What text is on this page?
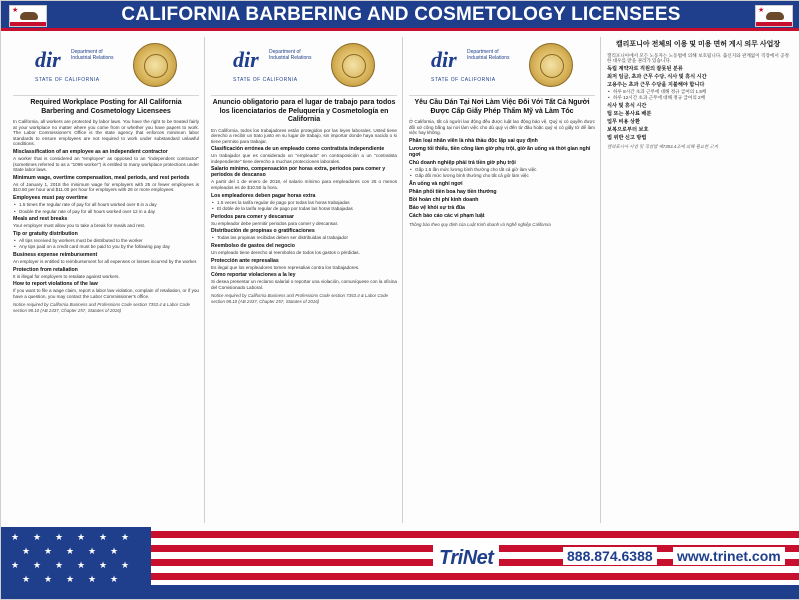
★	CALIFORNIA BARBERING AND COSMETOLOGY LICENSEES	★
dir	Department of Industrial Relations
STATE OF CALIFORNIA
Required Workplace Posting for All California Barbering and Cosmetology Licensees
In California, all workers are protected by labor laws. You have the right to be treated fairly at your workplace no matter where you come from or whether you have papers to work. The Labor Commissioner's Office is the state agency that enforces minimum labor standards to ensure employees are not required to work under substandard unlawful conditions.
Misclassification of an employee as an independent contractor
A worker that is considered an "employee" as opposed to an "independent contractor" (sometimes referred to as a "1099 worker") is entitled to many workplace protections under State labor laws.
Minimum wage, overtime compensation, meal periods, and rest periods
As of January 1, 2018 the minimum wage for employers with 25 or fewer employees is $10.50 per hour and $11.00 per hour for employers with 26 or more employees.
Employees must pay overtime
• 1.5 times the regular rate of pay for all hours worked over 8 in a day
• Double the regular rate of pay for all hours worked over 12 in a day
Meals and rest breaks
Your employer must allow you to take a break for meals and rest.
Tip or gratuity distribution
• All tips received by workers must be distributed to the worker
• Any tips paid on a credit card must be paid to you by the following pay day
Business expense reimbursement
An employer is entitled to reimbursement for all expenses or losses incurred by the worker.
Protection from retaliation
It is illegal for employers to retaliate against workers.
How to report violations of the law
If you want to file a wage claim, report a labor law violation, complain of retaliation, or if you have a question, you may contact the Labor Commissioner's office.
Notice required by California Business and Professions Code section 7353.4 & Labor Code section 98.10 (AB 2437, Chapter 257, Statutes of 2016)
dir	Department of Industrial Relations
STATE OF CALIFORNIA
Anuncio obligatorio para el lugar de trabajo para todos los licenciatarios de Peluquería y Cosmetología en California
En California, todos los trabajadores están protegidos por las leyes laborales. Usted tiene derecho a recibir un trato justo en su lugar de trabajo, sin importar donde haya nacido o si tiene permiso para trabajar.
Clasificación errónea de un empleado como contratista independiente
Un trabajador que es considerado un "empleado" en contraposición a un "contratista independiente" tiene derecho a muchas protecciones laborales.
Salario mínimo, compensación por horas extra, periodos para comer y periodos de descanso
A partir del 1 de enero de 2018, el salario mínimo para empleadores con 25 o menos empleados es de $10.50 la hora.
Los empleadores deben pagar horas extra
• 1.5 veces la tarifa regular de pago por todas las horas trabajadas
• El doble de la tarifa regular de pago por todas las horas trabajadas
Periodos para comer y descansar
Su empleador debe permitir periodos para comer y descansar.
Distribución de propinas o gratificaciones
• Todas las propinas recibidas deben ser distribuidas al trabajador
Reembolso de gastos del negocio
Un empleado tiene derecho al reembolso de todos los gastos o pérdidas.
Protección ante represalias
Es ilegal que los empleadores tomen represalias contra los trabajadores.
Cómo reportar violaciones a la ley
Si desea presentar un reclamo salarial o reportar una violación, comuníquese con la oficina del Comisionado Laboral.
Notice required by California Business and Professions Code section 7353.4 & Labor Code section 98.10 (AB 2437, Chapter 257, Statutes of 2016)
dir	Department of Industrial Relations
STATE OF CALIFORNIA
Yêu Cầu Dán Tại Nơi Làm Việc Đối Với Tất Cả Người Được Cấp Giấy Phép Thẩm Mỹ và Làm Tóc
Ở California, tất cả người lao động đều được luật lao động bảo vệ. Quý vị có quyền được đối xử công bằng tại nơi làm việc cho dù quý vị đến từ đâu hoặc quý vị có giấy tờ để làm việc hay không.
Phân loại nhân viên là nhà thầu độc lập sai quy định
Lương tối thiểu, tiền công làm giờ phụ trội, giờ ăn uống và thời gian nghỉ ngơi
Chủ doanh nghiệp phải trả tiền giờ phụ trội
• Gấp 1.5 lần mức lương bình thường cho tất cả giờ làm việc
• Gấp đôi mức lương bình thường cho tất cả giờ làm việc
Ăn uống và nghỉ ngơi
Phân phối tiền boa hay tiền thưởng
Bồi hoàn chi phí kinh doanh
Bảo vệ khỏi sự trả đũa
Cách báo cáo các vi phạm luật
Thông báo theo quy định của Luật Kinh doanh và Nghề nghiệp California
캘리포니아 전체의 이용 및 미용 면허 게시 의무 사업장
캘리포니아에서 모든 노동자는 노동법에 의해 보호됩니다. 출신지와 관계없이 직장에서 공정한 대우를 받을 권리가 있습니다.
독립 계약자로 직원의 잘못된 분류
최저 임금, 초과 근무 수당, 식사 및 휴식 시간
고용주는 초과 근무 수당을 지불해야 합니다
• 하루 8시간 초과 근무에 대해 정규 급여의 1.5배
• 하루 12시간 초과 근무에 대해 정규 급여의 2배
식사 및 휴식 시간
팁 또는 봉사료 배분
업무 비용 상환
보복으로부터 보호
법 위반 신고 방법
캘리포니아 사업 및 직업법 제7353.4조에 의해 필요한 고지
★ ★ ★ ★ ★ ★
★ ★ ★ ★ ★
★ ★ ★ ★ ★ ★
★ ★ ★ ★ ★
TriNet	888.874.6388 www.trinet.com
